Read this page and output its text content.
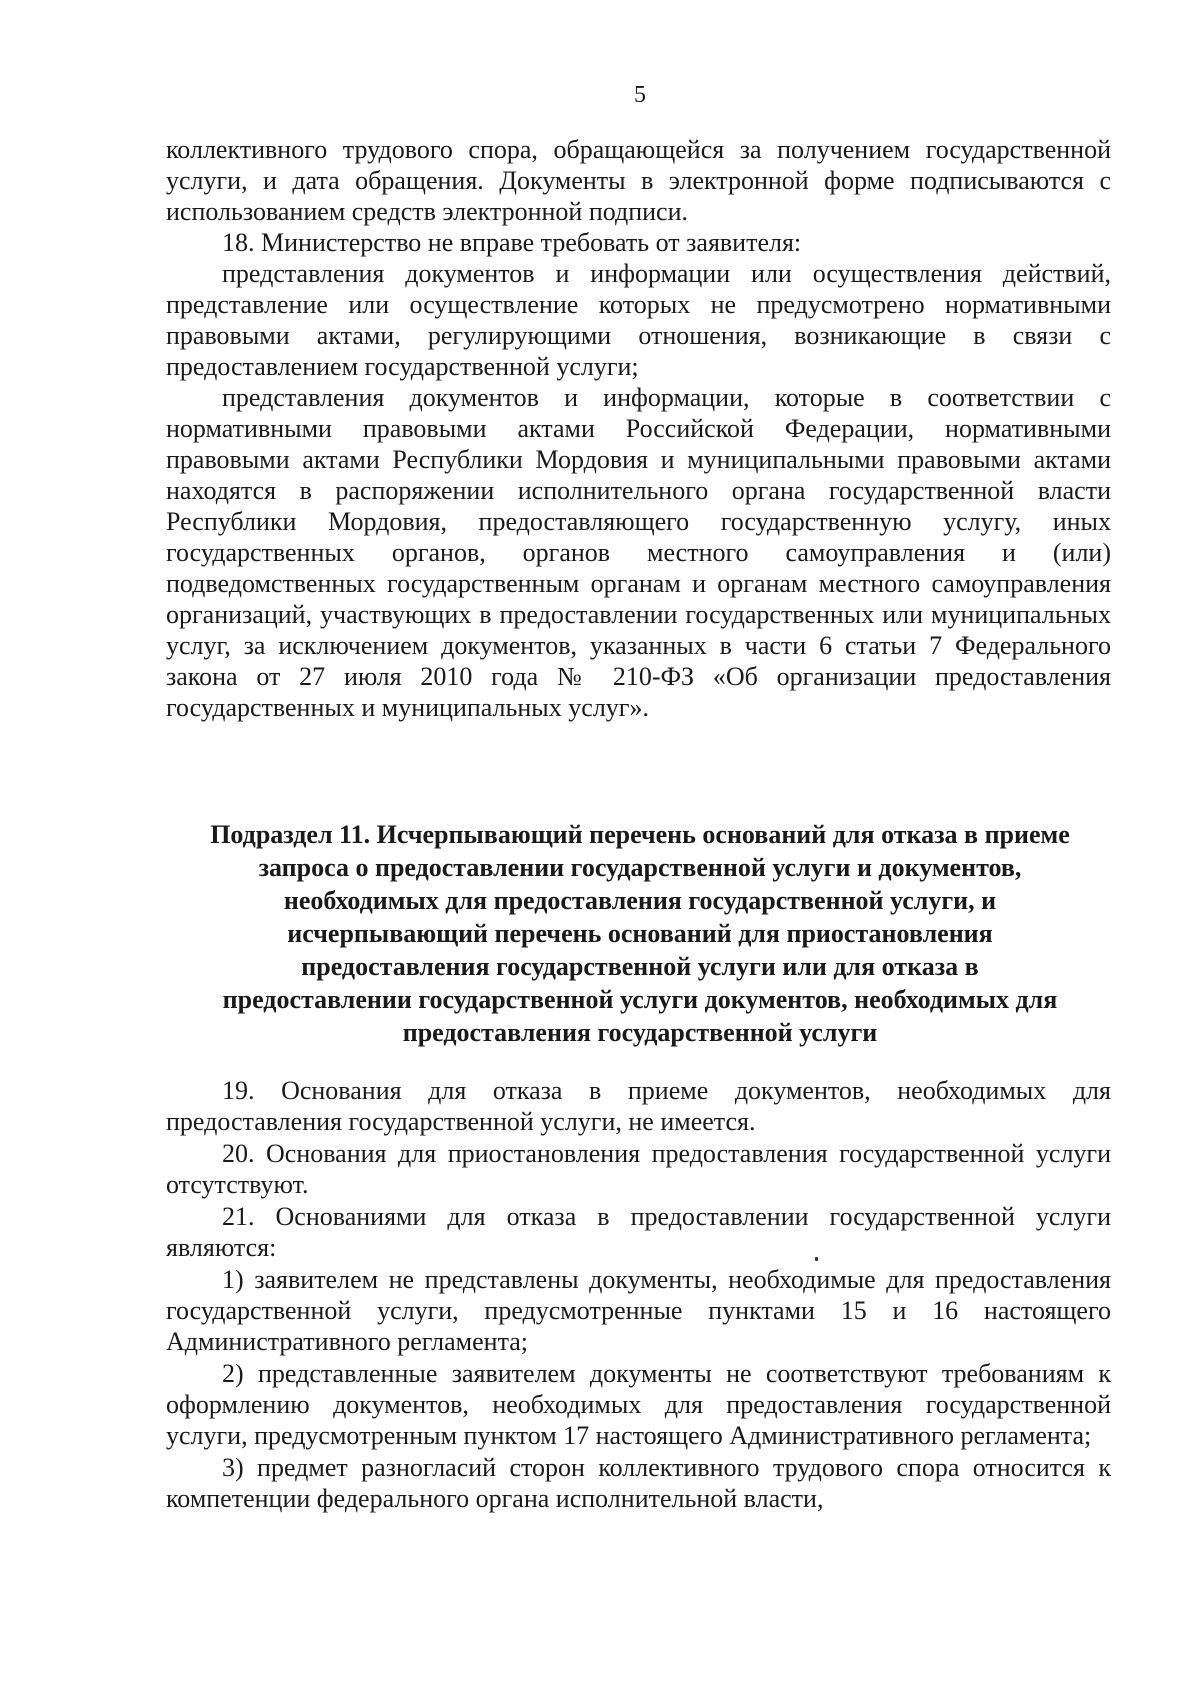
5

коллективного трудового спора, обращающейся за получением государственной услуги, и дата обращения. Документы в электронной форме подписываются с использованием средств электронной подписи.

18. Министерство не вправе требовать от заявителя:

представления документов и информации или осуществления действий, представление или осуществление которых не предусмотрено нормативными правовыми актами, регулирующими отношения, возникающие в связи с предоставлением государственной услуги;

представления документов и информации, которые в соответствии с нормативными правовыми актами Российской Федерации, нормативными правовыми актами Республики Мордовия и муниципальными правовыми актами находятся в распоряжении исполнительного органа государственной власти Республики Мордовия, предоставляющего государственную услугу, иных государственных органов, органов местного самоуправления и (или) подведомственных государственным органам и органам местного самоуправления организаций, участвующих в предоставлении государственных или муниципальных услуг, за исключением документов, указанных в части 6 статьи 7 Федерального закона от 27 июля 2010 года № 210-ФЗ «Об организации предоставления государственных и муниципальных услуг».

Подраздел 11. Исчерпывающий перечень оснований для отказа в приеме
запроса о предоставлении государственной услуги и документов,
необходимых для предоставления государственной услуги, и
исчерпывающий перечень оснований для приостановления
предоставления государственной услуги или для отказа в
предоставлении государственной услуги документов, необходимых для
предоставления государственной услуги

19. Основания для отказа в приеме документов, необходимых для предоставления государственной услуги, не имеется.

20. Основания для приостановления предоставления государственной услуги отсутствуют.

21. Основаниями для отказа в предоставлении государственной услуги являются:

1) заявителем не представлены документы, необходимые для предоставления государственной услуги, предусмотренные пунктами 15 и 16 настоящего Административного регламента;

2) представленные заявителем документы не соответствуют требованиям к оформлению документов, необходимых для предоставления государственной услуги, предусмотренным пунктом 17 настоящего Административного регламента;

3) предмет разногласий сторон коллективного трудового спора относится к компетенции федерального органа исполнительной власти,
